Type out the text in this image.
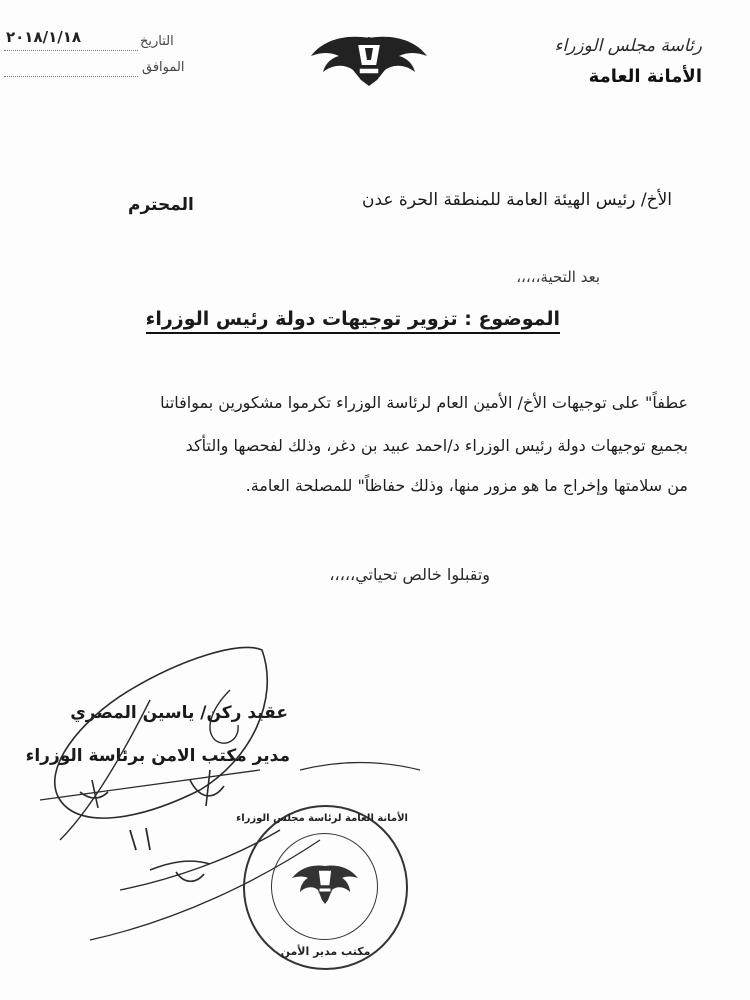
رئاسة مجلس الوزراء
الأمانة العامة
التاريخ
٢٠١٨/١/١٨
الموافق
الأخ/ رئيس الهيئة العامة للمنطقة الحرة عدن
المحترم
بعد التحية،،،،،
الموضوع : تزوير توجيهات دولة رئيس الوزراء
عطفاً" على توجيهات الأخ/ الأمين العام لرئاسة الوزراء تكرموا مشكورين بموافاتنا
بجميع توجيهات دولة رئيس الوزراء د/احمد عبيد بن دغر، وذلك لفحصها والتأكد
من سلامتها وإخراج ما هو مزور منها، وذلك حفاظاً" للمصلحة العامة.
وتقبلوا خالص تحياتي،،،،،
عقيد ركن/ ياسين المصري
مدير مكتب الامن برئاسة الوزراء
الأمانة العامة لرئاسة مجلس الوزراء
مكتب مدير الأمن
